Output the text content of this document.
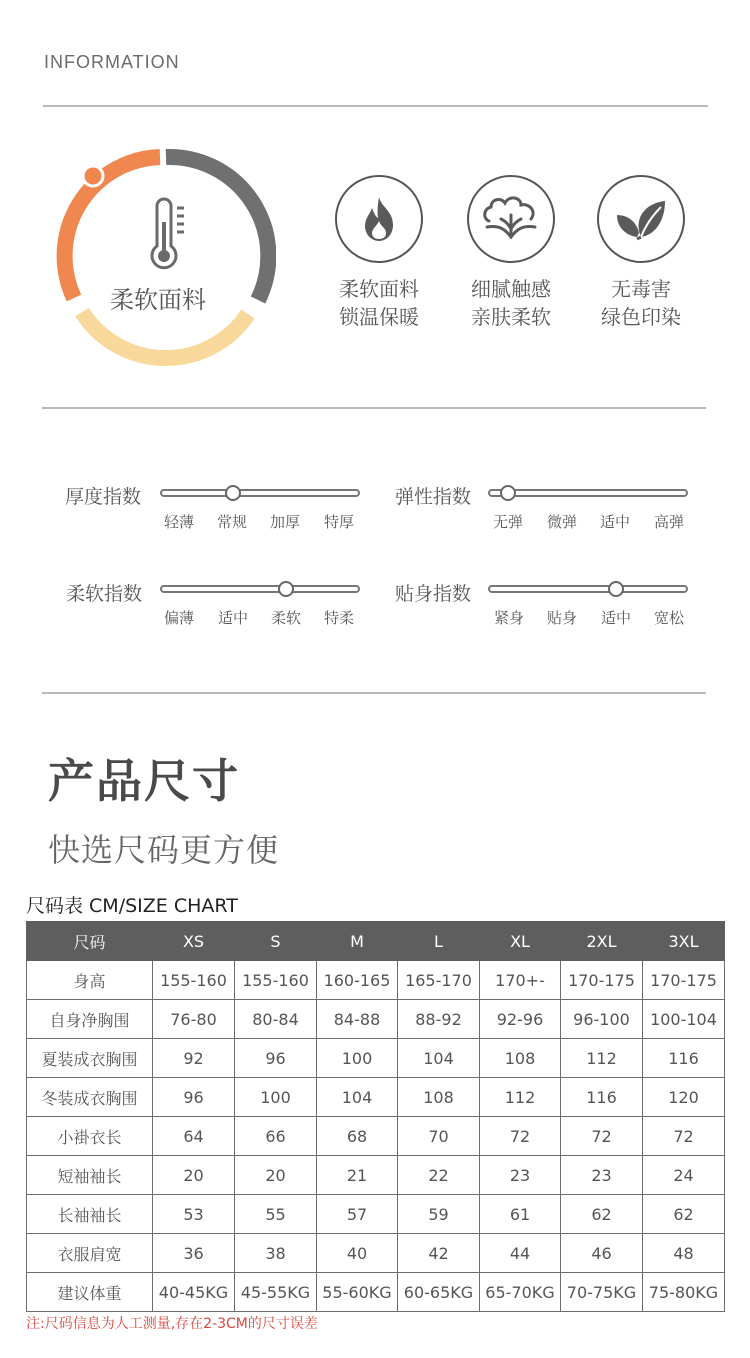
INFORMATION
柔软面料	柔软面料
锁温保暖
细腻触感
亲肤柔软
无毒害
绿色印染
厚度指数
轻薄	常规	加厚	特厚
弹性指数
无弹	微弹	适中	高弹
柔软指数
偏薄	适中	柔软	特柔
贴身指数
紧身	贴身	适中	宽松
产品尺寸
快选尺码更方便
尺码表 CM/SIZE CHART
尺码	XS	S	M	L	XL	2XL	3XL
身高	155-160	155-160	160-165	165-170	170+-	170-175	170-175
自身净胸围	76-80	80-84	84-88	88-92	92-96	96-100	100-104
夏装成衣胸围	92	96	100	104	108	112	116
冬装成衣胸围	96	100	104	108	112	116	120
小褂衣长	64	66	68	70	72	72	72
短袖袖长	20	20	21	22	23	23	24
长袖袖长	53	55	57	59	61	62	62
衣服肩宽	36	38	40	42	44	46	48
建议体重	40-45KG	45-55KG	55-60KG	60-65KG	65-70KG	70-75KG	75-80KG
注:尺码信息为人工测量,存在2-3CM的尺寸误差
